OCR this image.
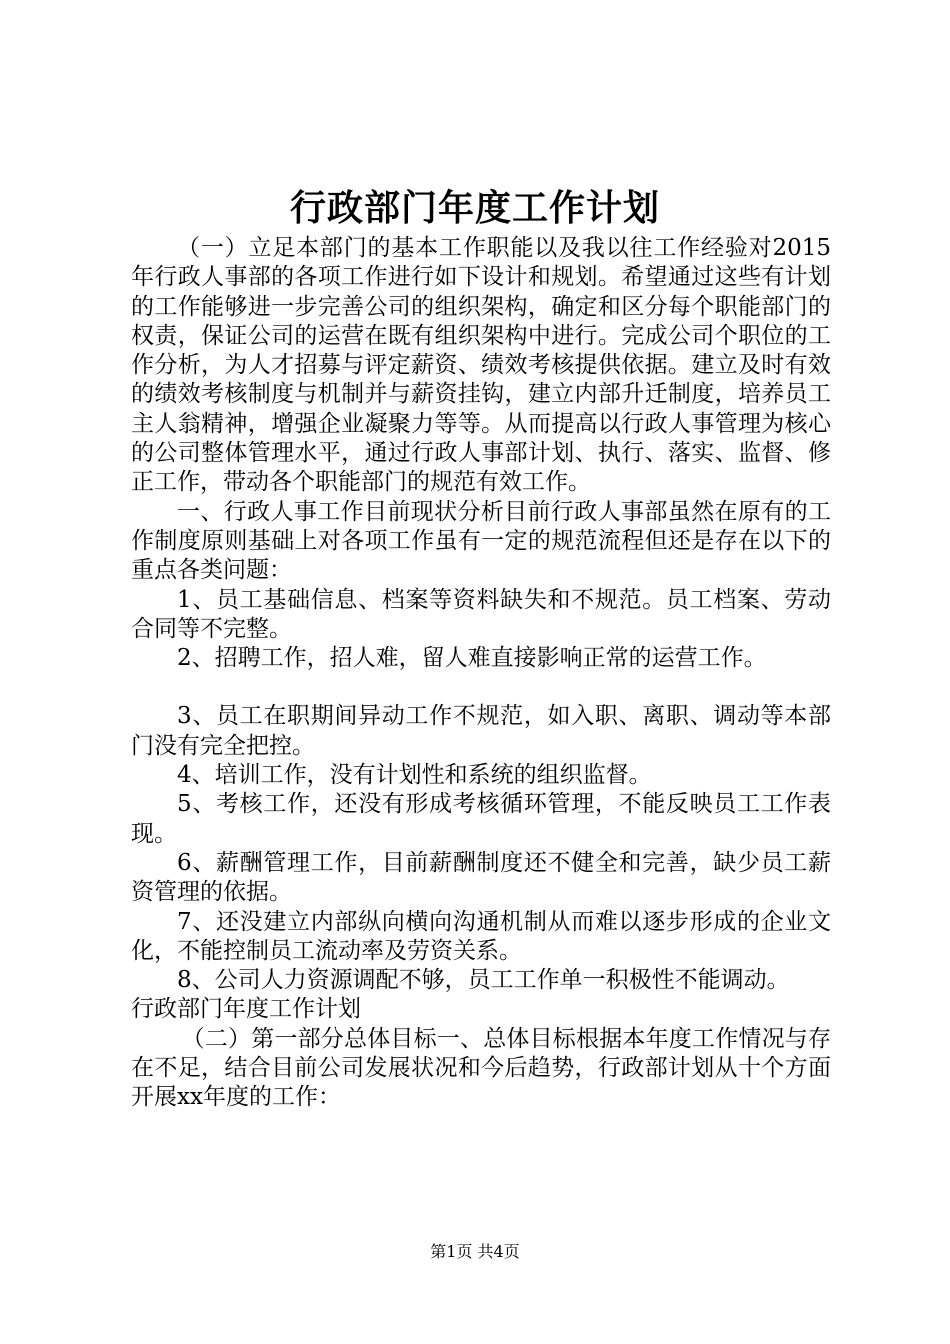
行政部门年度工作计划

（一）立足本部门的基本工作职能以及我以往工作经验对2015年行政人事部的各项工作进行如下设计和规划。希望通过这些有计划的工作能够进一步完善公司的组织架构，确定和区分每个职能部门的权责，保证公司的运营在既有组织架构中进行。完成公司个职位的工作分析，为人才招募与评定薪资、绩效考核提供依据。建立及时有效的绩效考核制度与机制并与薪资挂钩，建立内部升迁制度，培养员工主人翁精神，增强企业凝聚力等等。从而提高以行政人事管理为核心的公司整体管理水平，通过行政人事部计划、执行、落实、监督、修正工作，带动各个职能部门的规范有效工作。

一、行政人事工作目前现状分析目前行政人事部虽然在原有的工作制度原则基础上对各项工作虽有一定的规范流程但还是存在以下的重点各类问题：

1、员工基础信息、档案等资料缺失和不规范。员工档案、劳动合同等不完整。

2、招聘工作，招人难，留人难直接影响正常的运营工作。

3、员工在职期间异动工作不规范，如入职、离职、调动等本部门没有完全把控。

4、培训工作，没有计划性和系统的组织监督。

5、考核工作，还没有形成考核循环管理，不能反映员工工作表现。

6、薪酬管理工作，目前薪酬制度还不健全和完善，缺少员工薪资管理的依据。

7、还没建立内部纵向横向沟通机制从而难以逐步形成的企业文化，不能控制员工流动率及劳资关系。

8、公司人力资源调配不够，员工工作单一积极性不能调动。

行政部门年度工作计划

（二）第一部分总体目标一、总体目标根据本年度工作情况与存在不足，结合目前公司发展状况和今后趋势，行政部计划从十个方面开展xx年度的工作：

第1页 共4页
